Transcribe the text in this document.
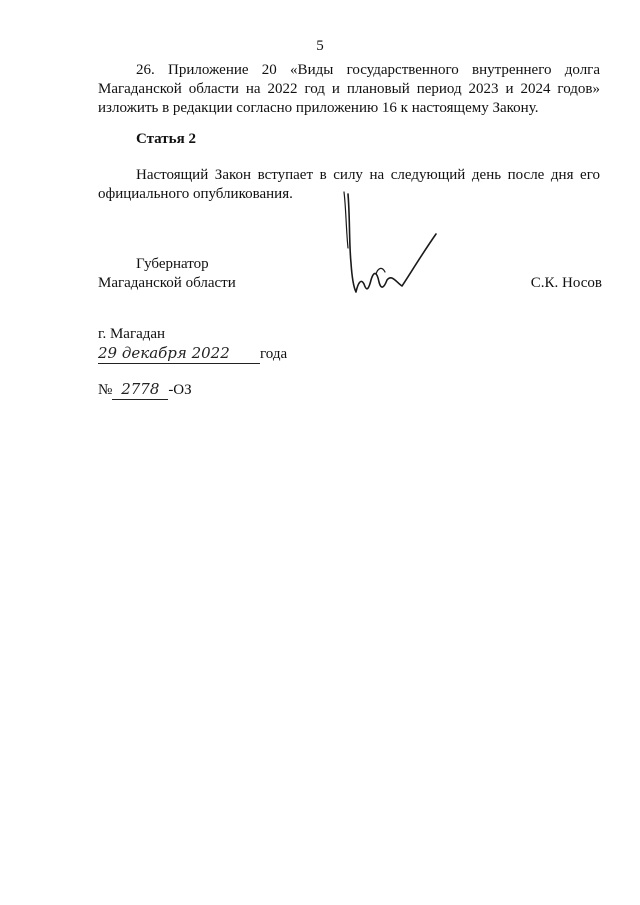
5
26. Приложение 20 «Виды государственного внутреннего долга
Магаданской области на 2022 год и плановый период 2023 и 2024 годов»
изложить в редакции согласно приложению 16 к настоящему Закону.
Статья 2
Настоящий Закон вступает в силу на следующий день после дня его
официального опубликования.
Губернатор
Магаданской области	С.К. Носов
г. Магадан
29 декабря 2022 года
№ 2778 -ОЗ
